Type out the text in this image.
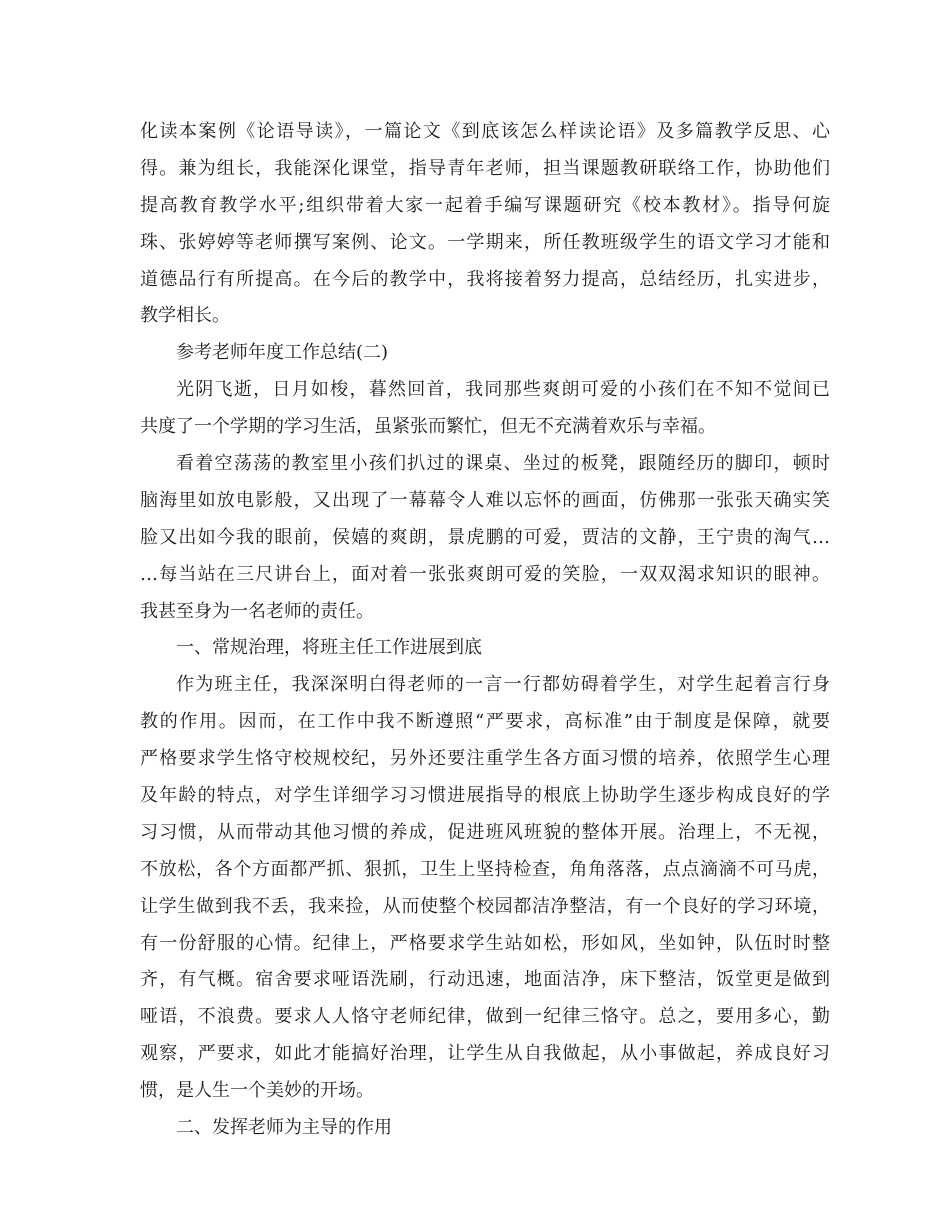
化读本案例《论语导读》，一篇论文《到底该怎么样读论语》及多篇教学反思、心
得。兼为组长，我能深化课堂，指导青年老师，担当课题教研联络工作，协助他们
提高教育教学水平;组织带着大家一起着手编写课题研究《校本教材》。指导何旋
珠、张婷婷等老师撰写案例、论文。一学期来，所任教班级学生的语文学习才能和
道德品行有所提高。在今后的教学中，我将接着努力提高，总结经历，扎实进步，
教学相长。
参考老师年度工作总结(二)
光阴飞逝，日月如梭，暮然回首，我同那些爽朗可爱的小孩们在不知不觉间已
共度了一个学期的学习生活，虽紧张而繁忙，但无不充满着欢乐与幸福。
看着空荡荡的教室里小孩们扒过的课桌、坐过的板凳，跟随经历的脚印，顿时
脑海里如放电影般，又出现了一幕幕令人难以忘怀的画面，仿佛那一张张天确实笑
脸又出如今我的眼前，侯嬉的爽朗，景虎鹏的可爱，贾洁的文静，王宁贵的淘气…
…每当站在三尺讲台上，面对着一张张爽朗可爱的笑脸，一双双渴求知识的眼神。
我甚至身为一名老师的责任。
一、常规治理，将班主任工作进展到底
作为班主任，我深深明白得老师的一言一行都妨碍着学生，对学生起着言行身
教的作用。因而，在工作中我不断遵照“严要求，高标准”由于制度是保障，就要
严格要求学生恪守校规校纪，另外还要注重学生各方面习惯的培养，依照学生心理
及年龄的特点，对学生详细学习习惯进展指导的根底上协助学生逐步构成良好的学
习习惯，从而带动其他习惯的养成，促进班风班貌的整体开展。治理上，不无视，
不放松，各个方面都严抓、狠抓，卫生上坚持检查，角角落落，点点滴滴不可马虎，
让学生做到我不丢，我来捡，从而使整个校园都洁净整洁，有一个良好的学习环境，
有一份舒服的心情。纪律上，严格要求学生站如松，形如风，坐如钟，队伍时时整
齐，有气概。宿舍要求哑语洗刷，行动迅速，地面洁净，床下整洁，饭堂更是做到
哑语，不浪费。要求人人恪守老师纪律，做到一纪律三恪守。总之，要用多心，勤
观察，严要求，如此才能搞好治理，让学生从自我做起，从小事做起，养成良好习
惯，是人生一个美妙的开场。
二、发挥老师为主导的作用
